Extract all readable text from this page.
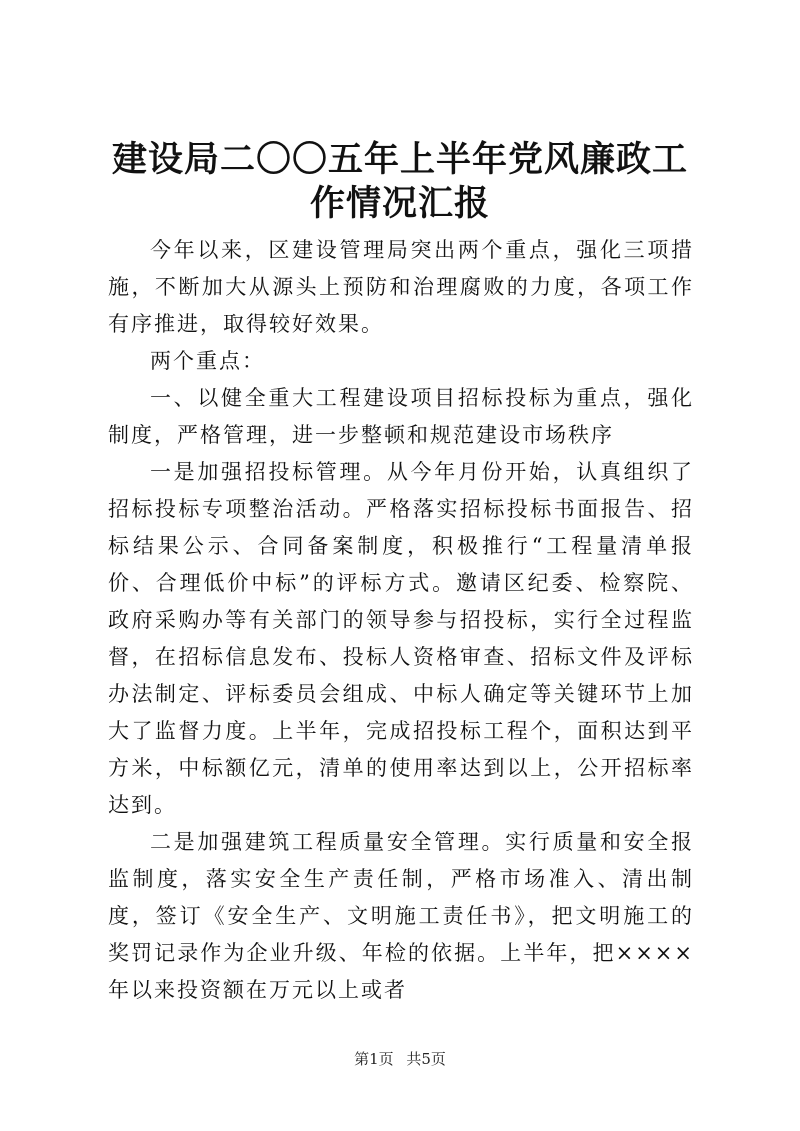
建设局二〇〇五年上半年党风廉政工作情况汇报

今年以来，区建设管理局突出两个重点，强化三项措施，不断加大从源头上预防和治理腐败的力度，各项工作有序推进，取得较好效果。

两个重点：

一、以健全重大工程建设项目招标投标为重点，强化制度，严格管理，进一步整顿和规范建设市场秩序

一是加强招投标管理。从今年月份开始，认真组织了招标投标专项整治活动。严格落实招标投标书面报告、招标结果公示、合同备案制度，积极推行“工程量清单报价、合理低价中标”的评标方式。邀请区纪委、检察院、政府采购办等有关部门的领导参与招投标，实行全过程监督，在招标信息发布、投标人资格审查、招标文件及评标办法制定、评标委员会组成、中标人确定等关键环节上加大了监督力度。上半年，完成招投标工程个，面积达到平方米，中标额亿元，清单的使用率达到以上，公开招标率达到。

二是加强建筑工程质量安全管理。实行质量和安全报监制度，落实安全生产责任制，严格市场准入、清出制度，签订《安全生产、文明施工责任书》，把文明施工的奖罚记录作为企业升级、年检的依据。上半年，把××××年以来投资额在万元以上或者

第1页 共5页
